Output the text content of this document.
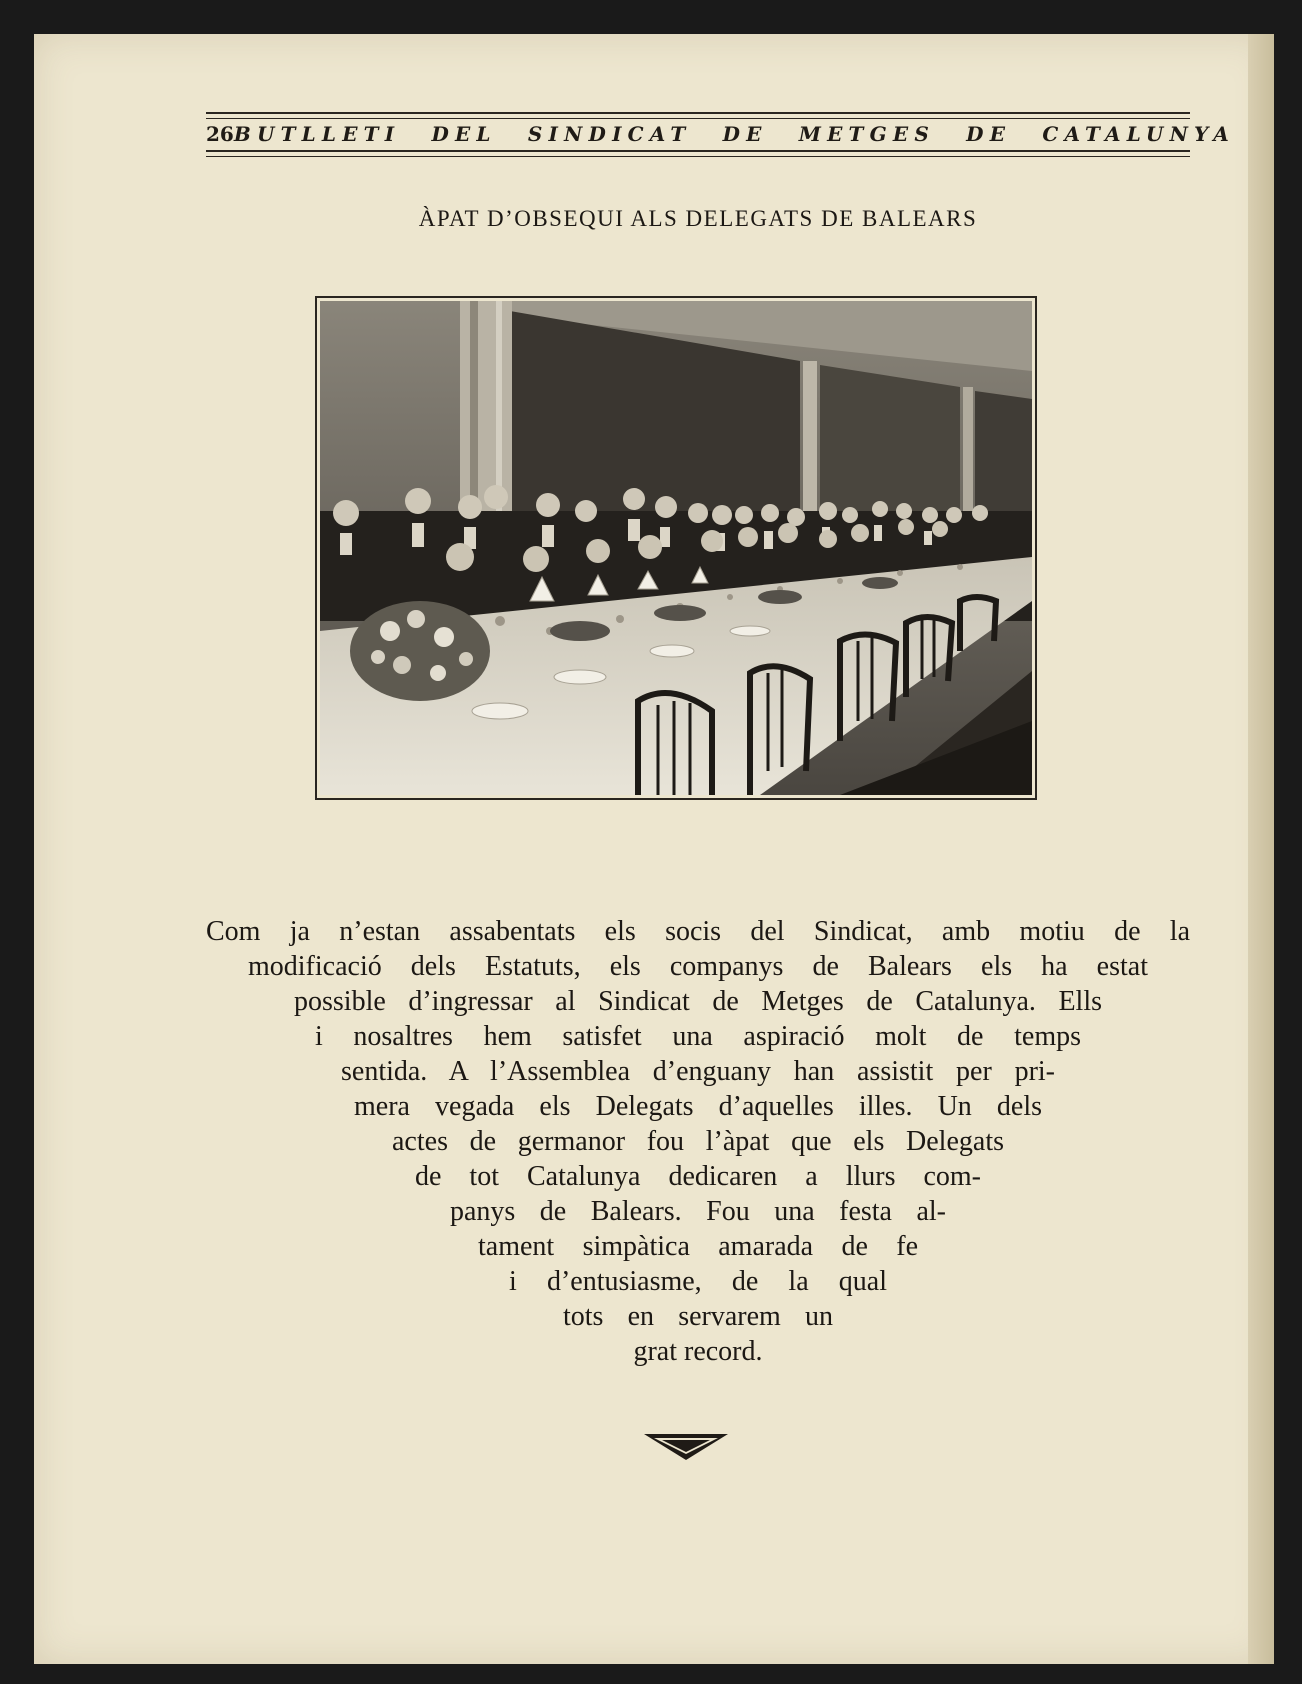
26 BUTLLETI DEL SINDICAT DE METGES DE CATALUNYA
ÀPAT D’OBSEQUI ALS DELEGATS DE BALEARS
Com ja n’estan assabentats els socis del Sindicat, amb motiu de la
modificació dels Estatuts, els companys de Balears els ha estat
possible d’ingressar al Sindicat de Metges de Catalunya. Ells
i nosaltres hem satisfet una aspiració molt de temps
sentida. A l’Assemblea d’enguany han assistit per pri-
mera vegada els Delegats d’aquelles illes. Un dels
actes de germanor fou l’àpat que els Delegats
de tot Catalunya dedicaren a llurs com-
panys de Balears. Fou una festa al-
tament simpàtica amarada de fe
i d’entusiasme, de la qual
tots en servarem un
grat record.
